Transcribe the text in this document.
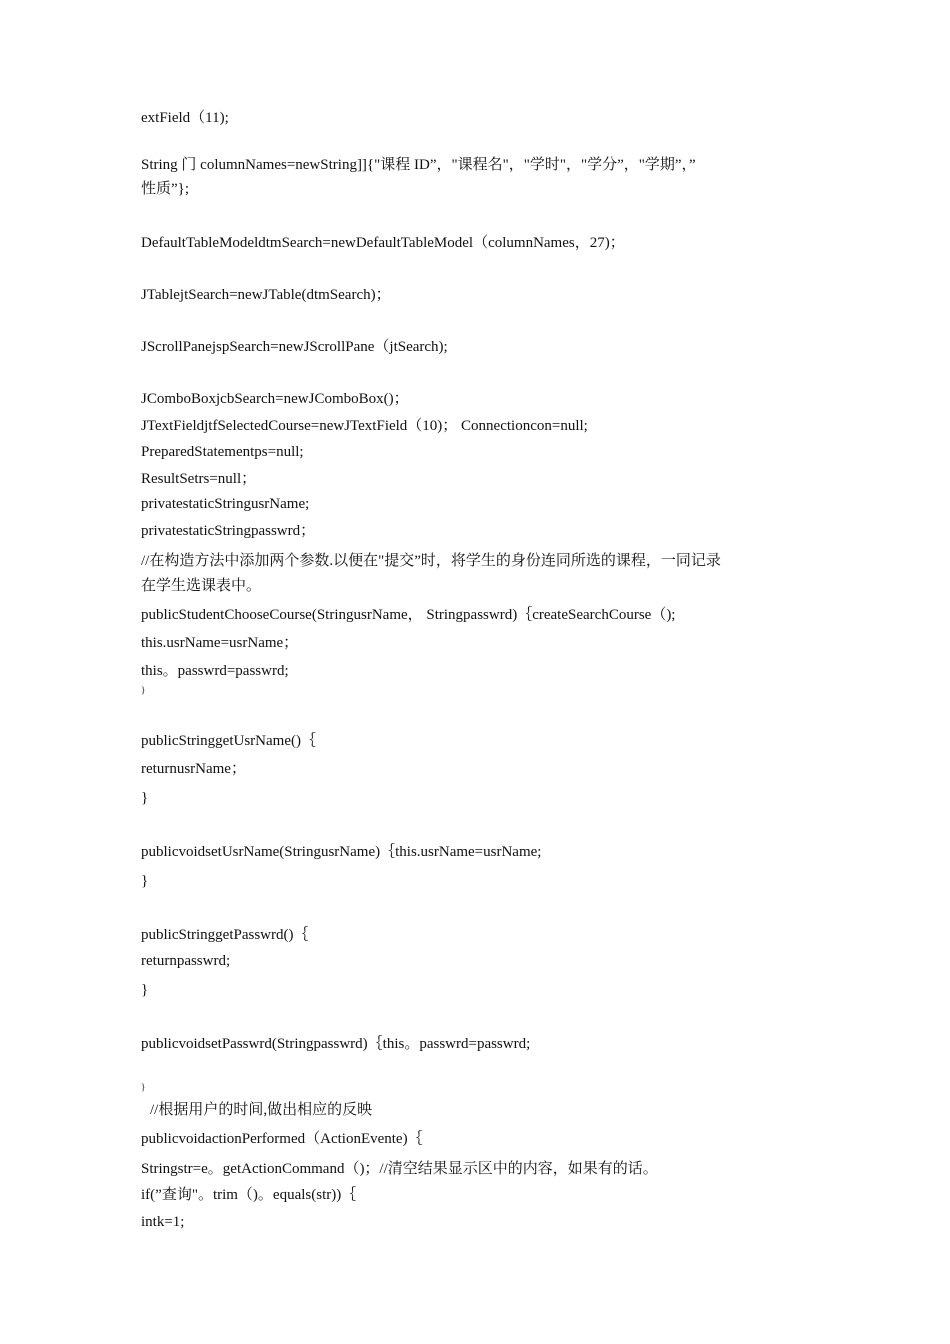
extField（11);
String 门 columnNames=newString]]{"课程 ID”，"课程名"，"学时"，"学分”，"学期”，”
性质”};
DefaultTableModeldtmSearch=newDefaultTableModel（columnNames，27)；
JTablejtSearch=newJTable(dtmSearch)；
JScrollPanejspSearch=newJScrollPane（jtSearch);
JComboBoxjcbSearch=newJComboBox()；
JTextFieldjtfSelectedCourse=newJTextField（10)； Connectioncon=null;
PreparedStatementps=null;
ResultSetrs=null；
privatestaticStringusrName;
privatestaticStringpasswrd；
//在构造方法中添加两个参数.以便在"提交”时，将学生的身份连同所选的课程，一同记录
在学生选课表中。
publicStudentChooseCourse(StringusrName， Stringpasswrd)｛createSearchCourse（);
this.usrName=usrName；
this。passwrd=passwrd;
}
publicStringgetUsrName()｛
returnusrName；
}
publicvoidsetUsrName(StringusrName)｛this.usrName=usrName;
}
publicStringgetPasswrd()｛
returnpasswrd;
}
publicvoidsetPasswrd(Stringpasswrd)｛this。passwrd=passwrd;
}
//根据用户的时间,做出相应的反映
publicvoidactionPerformed（ActionEvente)｛
Stringstr=e。getActionCommand（)；//清空结果显示区中的内容，如果有的话。
if(”查询"。trim（)。equals(str))｛
intk=1;
